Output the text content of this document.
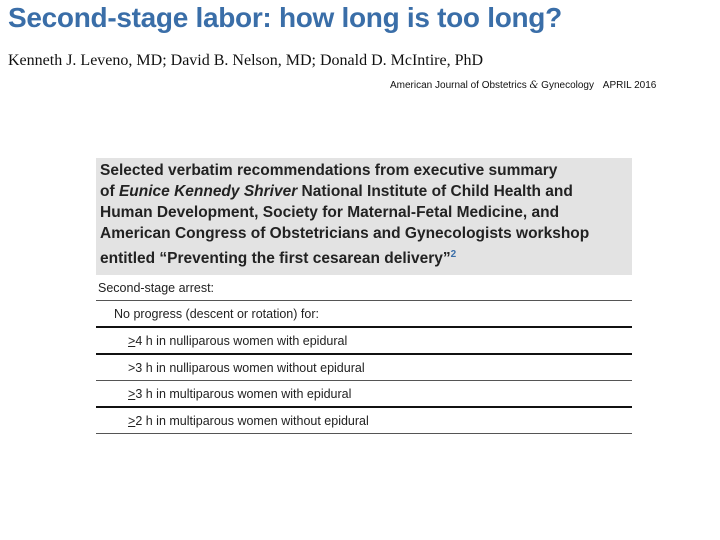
Second-stage labor: how long is too long?
Kenneth J. Leveno, MD; David B. Nelson, MD; Donald D. McIntire, PhD
American Journal of Obstetrics & Gynecology APRIL 2016
Selected verbatim recommendations from executive summary
of Eunice Kennedy Shriver National Institute of Child Health and
Human Development, Society for Maternal-Fetal Medicine, and
American Congress of Obstetricians and Gynecologists workshop
entitled “Preventing the first cesarean delivery”$^2$
Second-stage arrest:
No progress (descent or rotation) for:
≥4 h in nulliparous women with epidural
>3 h in nulliparous women without epidural
≥3 h in multiparous women with epidural
≥2 h in multiparous women without epidural
